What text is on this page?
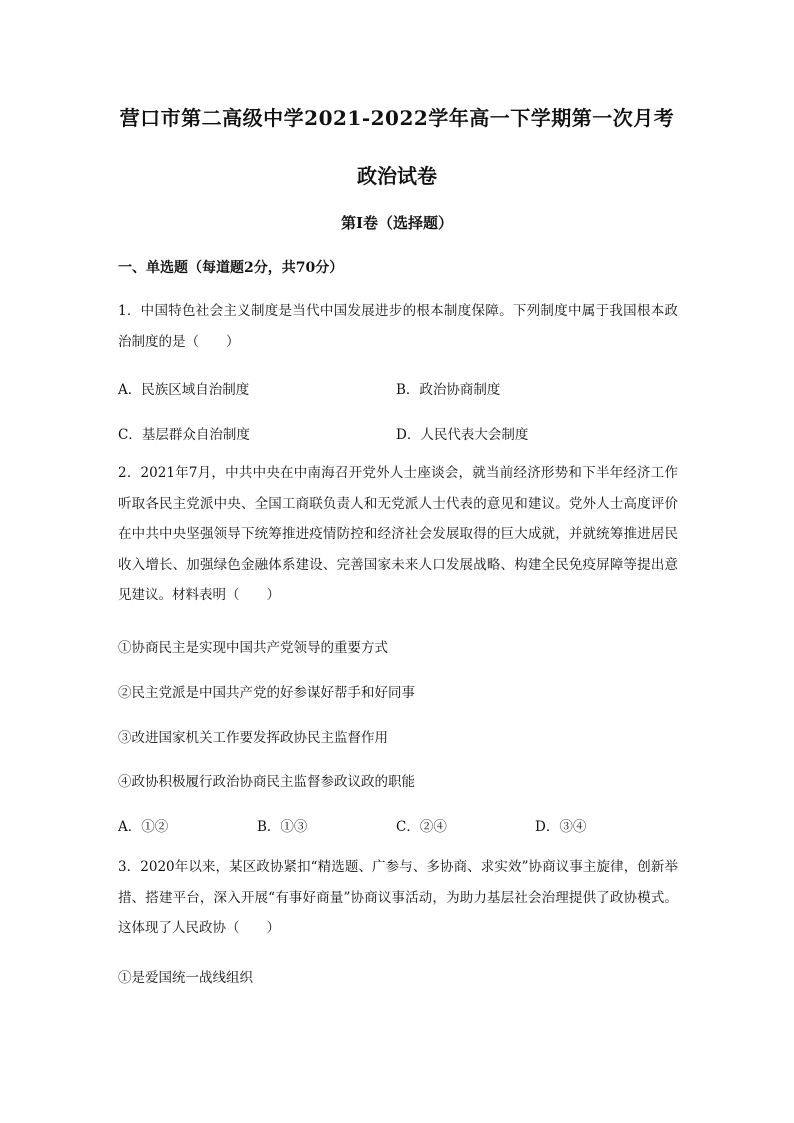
营口市第二高级中学2021-2022学年高一下学期第一次月考
政治试卷
第Ⅰ卷（选择题）
一、单选题（每道题2分，共70分）

1．中国特色社会主义制度是当代中国发展进步的根本制度保障。下列制度中属于我国根本政治制度的是（　　）

A．民族区域自治制度	B．政治协商制度
C．基层群众自治制度	D．人民代表大会制度

2．2021年7月，中共中央在中南海召开党外人士座谈会，就当前经济形势和下半年经济工作听取各民主党派中央、全国工商联负责人和无党派人士代表的意见和建议。党外人士高度评价在中共中央坚强领导下统筹推进疫情防控和经济社会发展取得的巨大成就，并就统筹推进居民收入增长、加强绿色金融体系建设、完善国家未来人口发展战略、构建全民免疫屏障等提出意见建议。材料表明（　　）

①协商民主是实现中国共产党领导的重要方式
②民主党派是中国共产党的好参谋好帮手和好同事
③改进国家机关工作要发挥政协民主监督作用
④政协积极履行政治协商民主监督参政议政的职能
A．①②	B．①③	C．②④	D．③④

3．2020年以来，某区政协紧扣“精选题、广参与、多协商、求实效”协商议事主旋律，创新举措、搭建平台，深入开展“有事好商量”协商议事活动，为助力基层社会治理提供了政协模式。这体现了人民政协（　　）

①是爱国统一战线组织
